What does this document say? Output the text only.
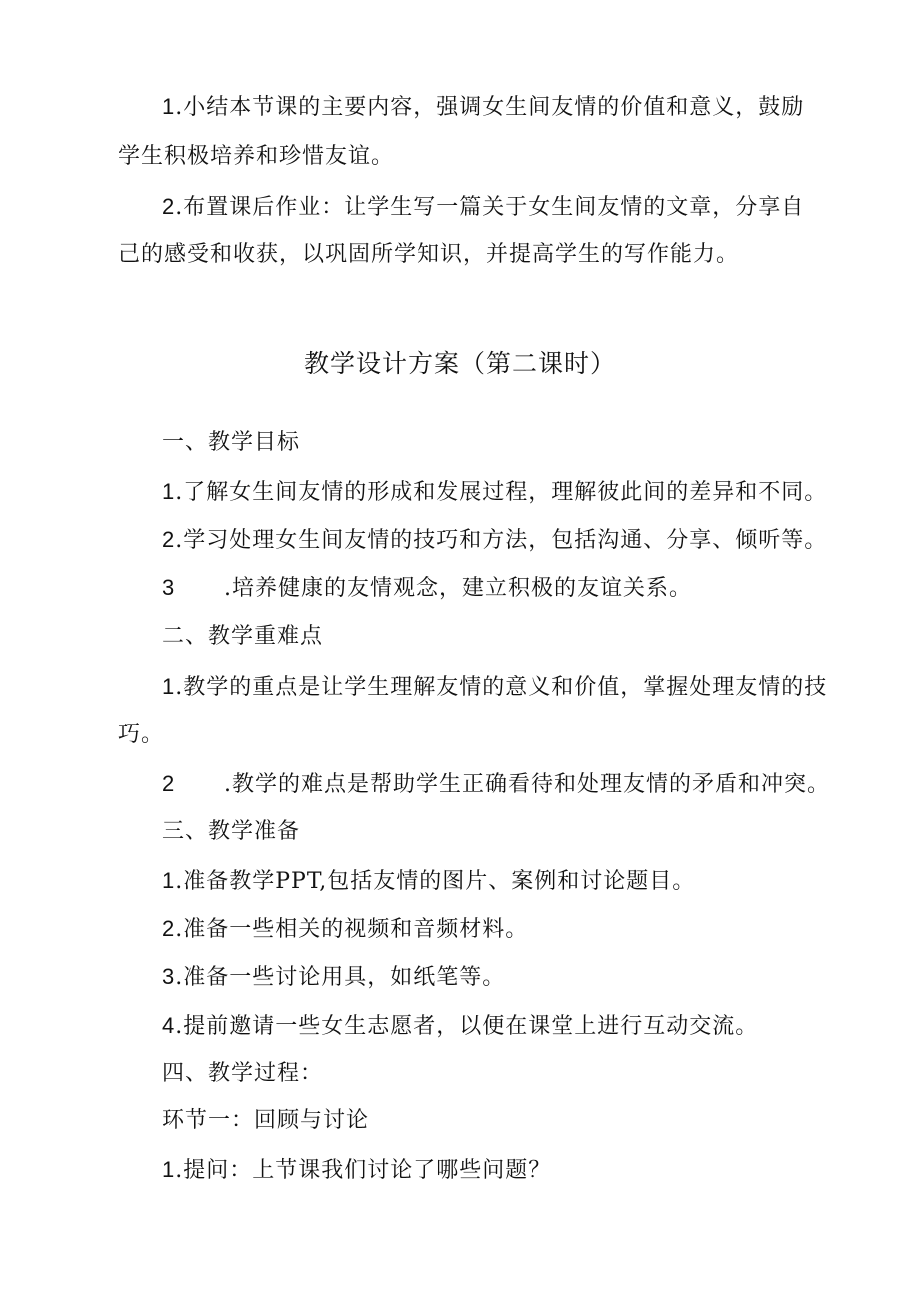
1.小结本节课的主要内容，强调女生间友情的价值和意义，鼓励
学生积极培养和珍惜友谊。
2.布置课后作业：让学生写一篇关于女生间友情的文章，分享自
己的感受和收获，以巩固所学知识，并提高学生的写作能力。
教学设计方案（第二课时）
一、教学目标
1.了解女生间友情的形成和发展过程，理解彼此间的差异和不同。
2.学习处理女生间友情的技巧和方法，包括沟通、分享、倾听等。
3 .培养健康的友情观念，建立积极的友谊关系。
二、教学重难点
1.教学的重点是让学生理解友情的意义和价值，掌握处理友情的技
巧。
2 .教学的难点是帮助学生正确看待和处理友情的矛盾和冲突。
三、教学准备
1.准备教学PPT,包括友情的图片、案例和讨论题目。
2.准备一些相关的视频和音频材料。
3.准备一些讨论用具，如纸笔等。
4.提前邀请一些女生志愿者，以便在课堂上进行互动交流。
四、教学过程：
环节一：回顾与讨论
1.提问：上节课我们讨论了哪些问题？
